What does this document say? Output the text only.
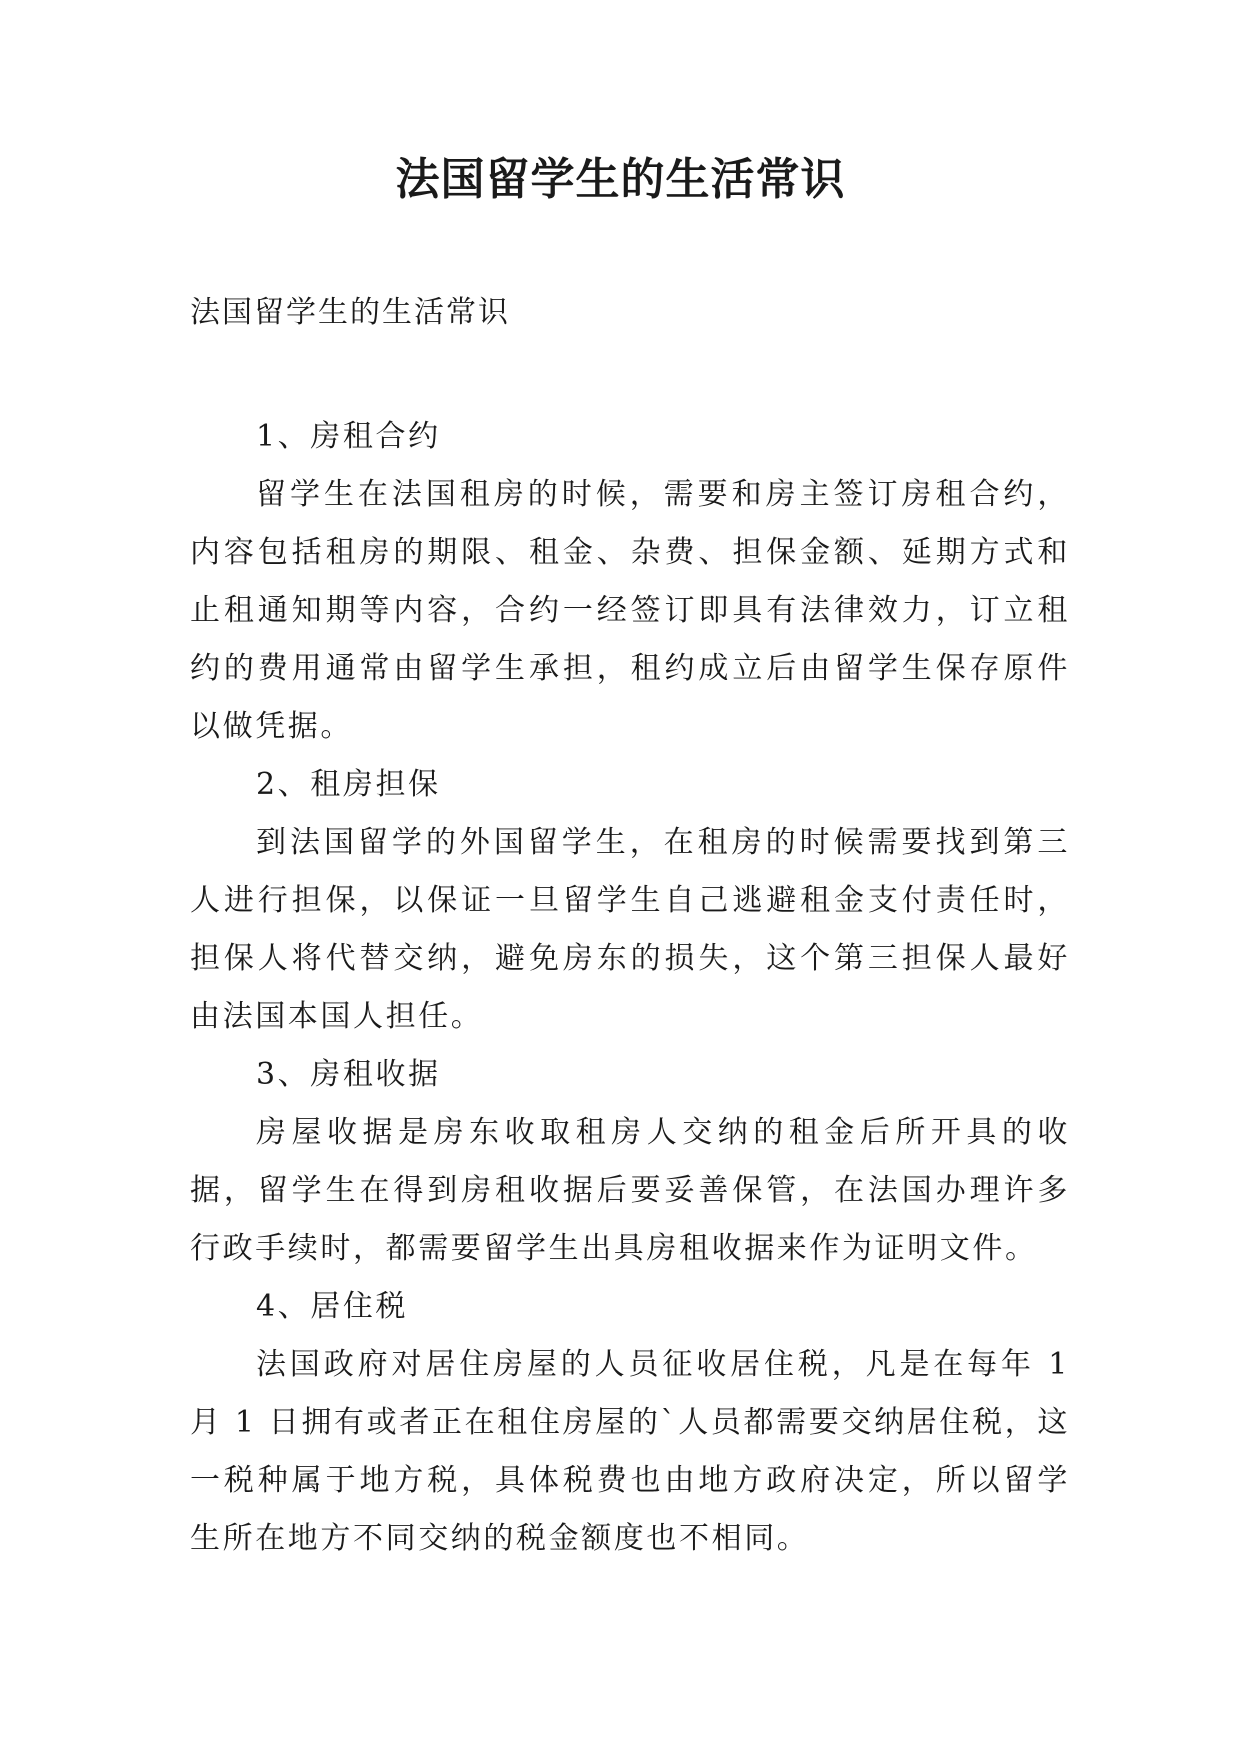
法国留学生的生活常识
法国留学生的生活常识

1、房租合约

留学生在法国租房的时候，需要和房主签订房租合约，内容包括租房的期限、租金、杂费、担保金额、延期方式和止租通知期等内容，合约一经签订即具有法律效力，订立租约的费用通常由留学生承担，租约成立后由留学生保存原件以做凭据。

2、租房担保

到法国留学的外国留学生，在租房的时候需要找到第三人进行担保，以保证一旦留学生自己逃避租金支付责任时，担保人将代替交纳，避免房东的损失，这个第三担保人最好由法国本国人担任。

3、房租收据

房屋收据是房东收取租房人交纳的租金后所开具的收据，留学生在得到房租收据后要妥善保管，在法国办理许多行政手续时，都需要留学生出具房租收据来作为证明文件。

4、居住税

法国政府对居住房屋的人员征收居住税，凡是在每年 1 月 1 日拥有或者正在租住房屋的`人员都需要交纳居住税，这一税种属于地方税，具体税费也由地方政府决定，所以留学生所在地方不同交纳的税金额度也不相同。
